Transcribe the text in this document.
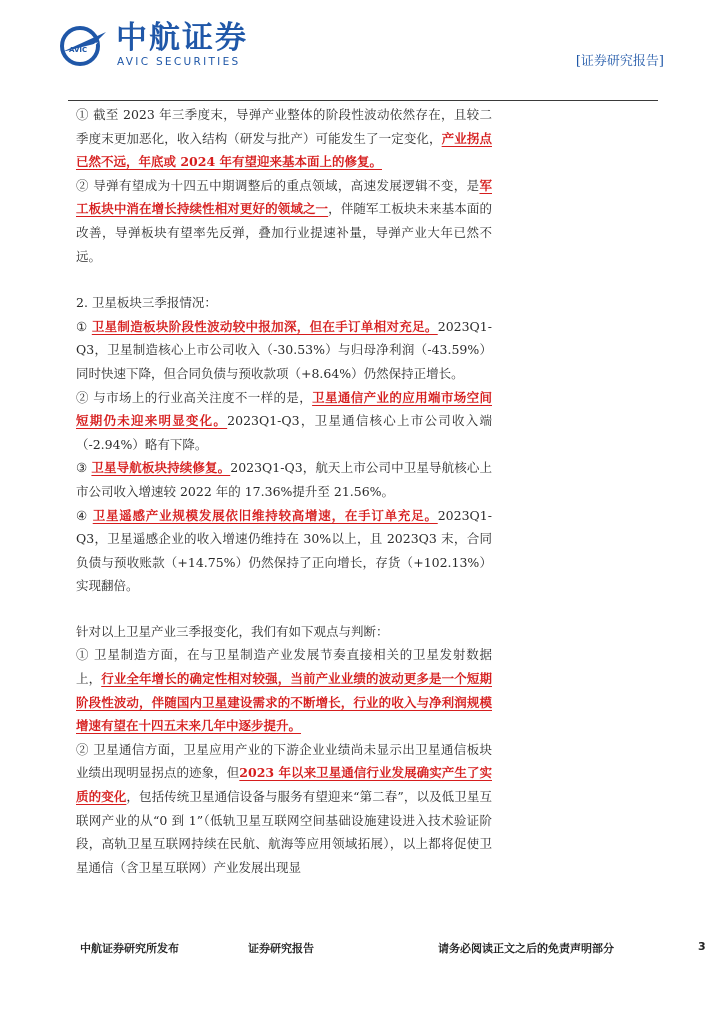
AVIC 中航证券
AVIC SECURITIES	[证券研究报告]

① 截至 2023 年三季度末，导弹产业整体的阶段性波动依然存在，且较二季度末更加恶化，收入结构（研发与批产）可能发生了一定变化，产业拐点已然不远，年底或 2024 年有望迎来基本面上的修复。

② 导弹有望成为十四五中期调整后的重点领域，高速发展逻辑不变，是军工板块中消在增长持续性相对更好的领域之一，伴随军工板块未来基本面的改善，导弹板块有望率先反弹，叠加行业提速补量，导弹产业大年已然不远。

2. 卫星板块三季报情况：

① 卫星制造板块阶段性波动较中报加深，但在手订单相对充足。2023Q1-Q3，卫星制造核心上市公司收入（-30.53%）与归母净利润（-43.59%）同时快速下降，但合同负债与预收款项（+8.64%）仍然保持正增长。

② 与市场上的行业高关注度不一样的是，卫星通信产业的应用端市场空间短期仍未迎来明显变化。2023Q1-Q3，卫星通信核心上市公司收入端（-2.94%）略有下降。

③ 卫星导航板块持续修复。2023Q1-Q3，航天上市公司中卫星导航核心上市公司收入增速较 2022 年的 17.36%提升至 21.56%。

④ 卫星遥感产业规模发展依旧维持较高增速，在手订单充足。2023Q1-Q3，卫星遥感企业的收入增速仍维持在 30%以上，且 2023Q3 末，合同负债与预收账款（+14.75%）仍然保持了正向增长，存货（+102.13%）实现翻倍。

针对以上卫星产业三季报变化，我们有如下观点与判断：

① 卫星制造方面，在与卫星制造产业发展节奏直接相关的卫星发射数据上，行业全年增长的确定性相对较强，当前产业业绩的波动更多是一个短期阶段性波动，伴随国内卫星建设需求的不断增长，行业的收入与净利润规模增速有望在十四五末来几年中逐步提升。

② 卫星通信方面，卫星应用产业的下游企业业绩尚未显示出卫星通信板块业绩出现明显拐点的迹象，但2023 年以来卫星通信行业发展确实产生了实质的变化，包括传统卫星通信设备与服务有望迎来“第二春”，以及低卫星互联网产业的从“0 到 1”（低轨卫星互联网空间基础设施建设进入技术验证阶段，高轨卫星互联网持续在民航、航海等应用领域拓展），以上都将促使卫星通信（含卫星互联网）产业发展出现显

中航证券研究所发布	证券研究报告	请务必阅读正文之后的免责声明部分	3
